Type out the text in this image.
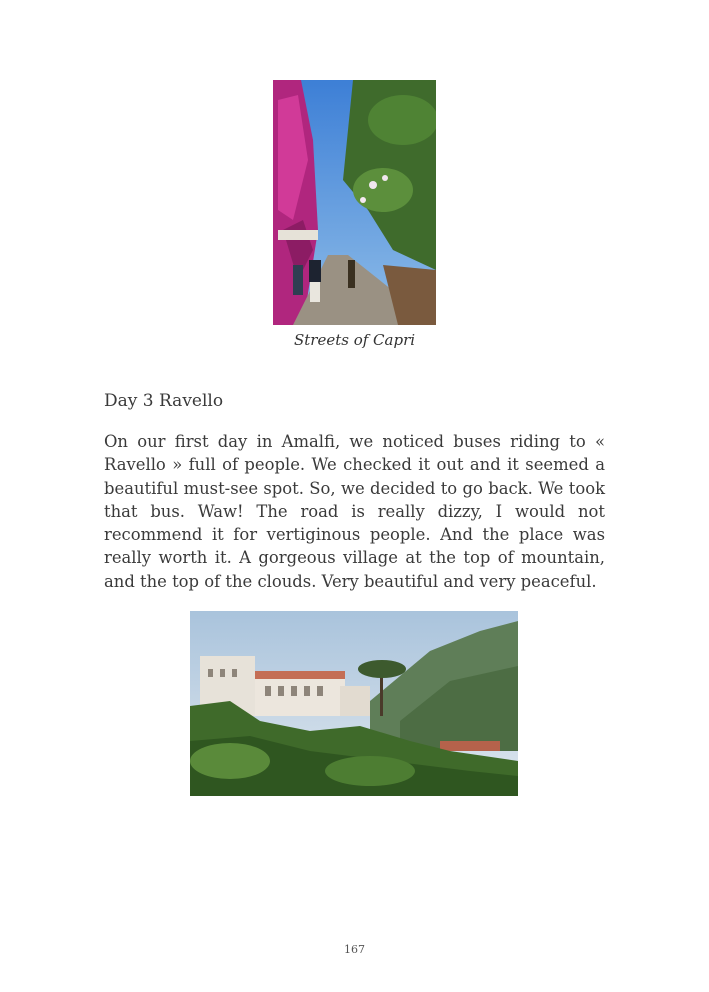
Streets of Capri
Day 3 Ravello

On our first day in Amalfi, we noticed buses riding to « Ravello » full of people. We checked it out and it seemed a beautiful must-see spot. So, we decided to go back. We took that bus. Waw! The road is really dizzy, I would not recommend it for vertiginous people. And the place was really worth it. A gorgeous village at the top of mountain, and the top of the clouds. Very beautiful and very peaceful.

167
